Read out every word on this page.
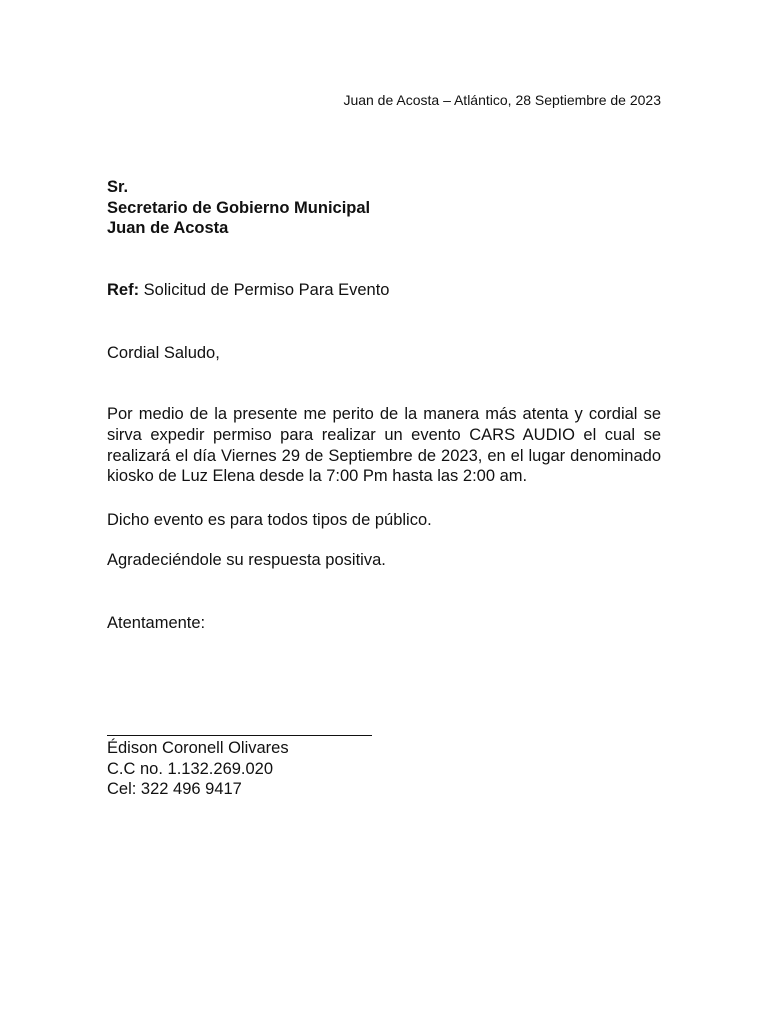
Juan de Acosta – Atlántico, 28 Septiembre de 2023
Sr.
Secretario de Gobierno Municipal
Juan de Acosta
Ref: Solicitud de Permiso Para Evento
Cordial Saludo,
Por medio de la presente me perito de la manera más atenta y cordial se sirva expedir permiso para realizar un evento CARS AUDIO el cual se realizará el día Viernes 29 de Septiembre de 2023, en el lugar denominado kiosko de Luz Elena desde la 7:00 Pm hasta las 2:00 am.
Dicho evento es para todos tipos de público.
Agradeciéndole su respuesta positiva.
Atentamente:
Édison Coronell Olivares
C.C no. 1.132.269.020
Cel: 322 496 9417
